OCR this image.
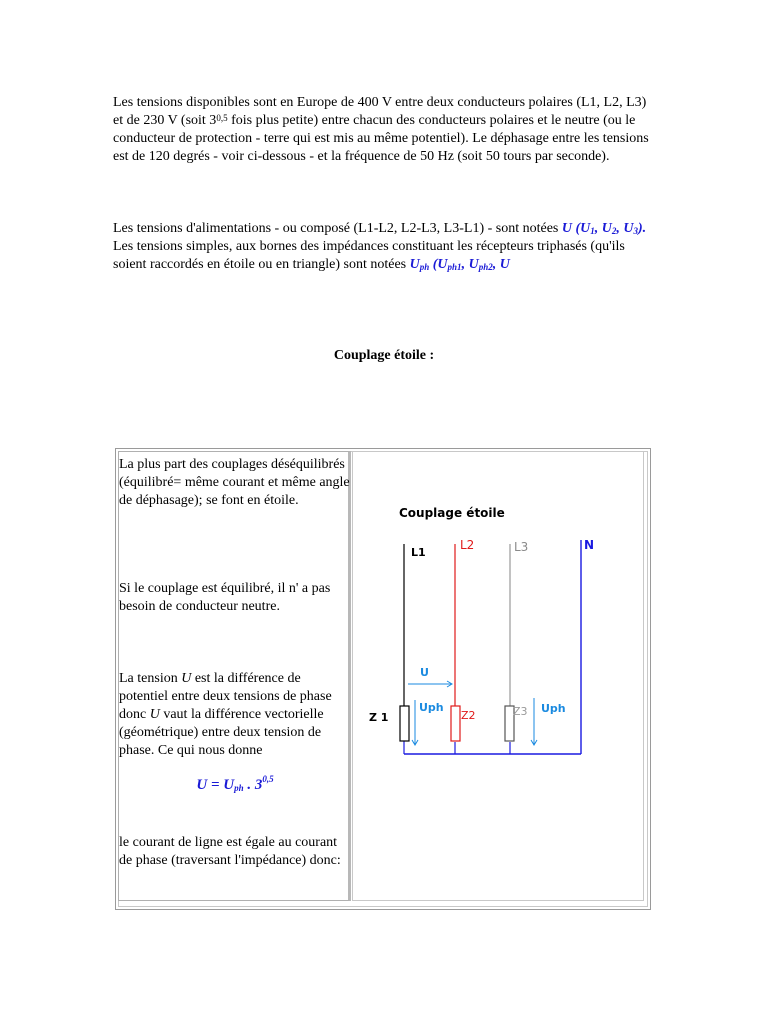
Les tensions disponibles sont en Europe de 400 V entre deux conducteurs polaires (L1, L2, L3) et de 230 V (soit 3$^{0,5}$ fois plus petite) entre chacun des conducteurs polaires et le neutre (ou le conducteur de protection - terre qui est mis au même potentiel). Le déphasage entre les tensions est de 120 degrés - voir ci-dessous - et la fréquence de 50 Hz (soit 50 tours par seconde).

Les tensions d'alimentations - ou composé (L1-L2, L2-L3, L3-L1) - sont notées U ($U_1$, $U_2$, $U_3$).
Les tensions simples, aux bornes des impédances constituant les récepteurs triphasés (qu'ils soient raccordés en étoile ou en triangle) sont notées $U_{ph}$ ($U_{ph1}$, $U_{ph2}$, U

Couplage étoile :

La plus part des couplages déséquilibrés (équilibré= même courant et même angle de déphasage); se font en étoile.

Si le couplage est équilibré, il n' a pas besoin de conducteur neutre.

La tension U est la différence de potentiel entre deux tensions de phase donc U vaut la différence vectorielle (géométrique) entre deux tension de phase. Ce qui nous donne

$U = U_{ph}$ . 3$^{0,5}$

le courant de ligne est égale au courant de phase (traversant l'impédance) donc:

Couplage étoile
L1
L2	L3	N
Z 1	Z2	Z3
U
Uph	Uph
